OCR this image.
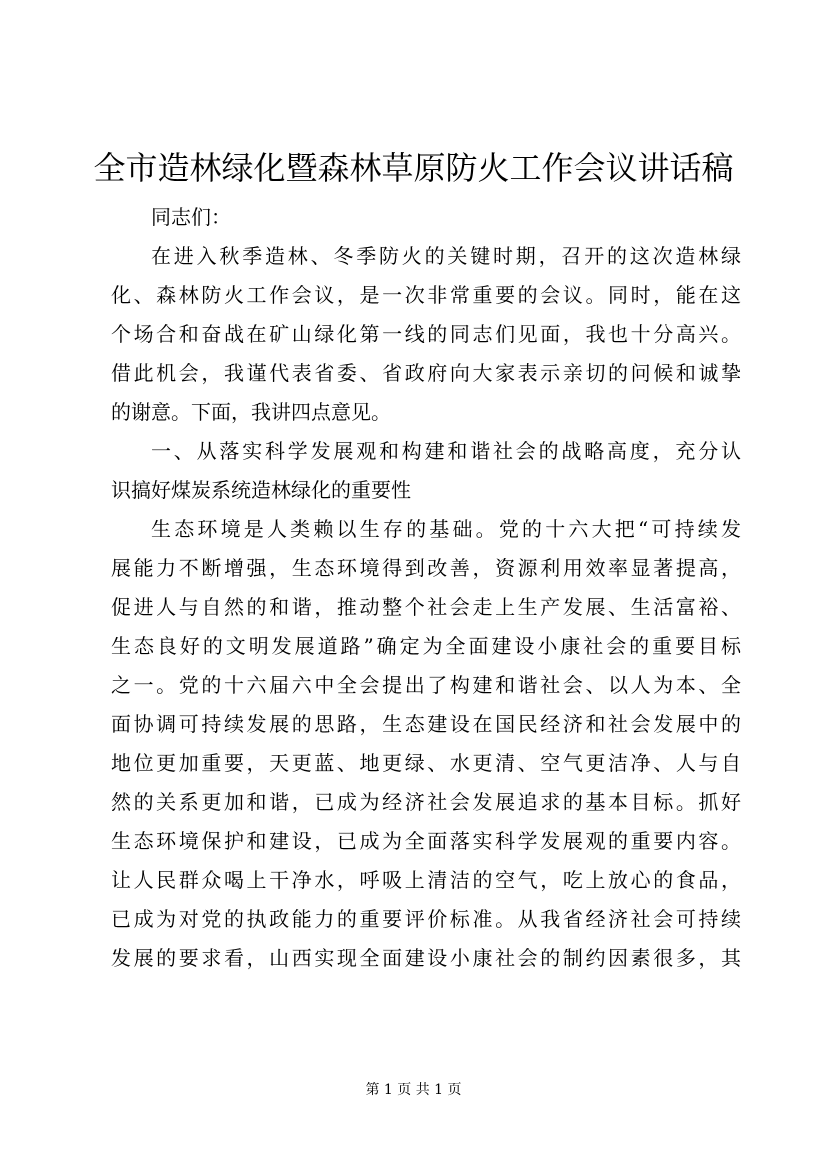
全市造林绿化暨森林草原防火工作会议讲话稿
同志们：
在进入秋季造林、冬季防火的关键时期，召开的这次造林绿
化、森林防火工作会议，是一次非常重要的会议。同时，能在这
个场合和奋战在矿山绿化第一线的同志们见面，我也十分高兴。
借此机会，我谨代表省委、省政府向大家表示亲切的问候和诚挚
的谢意。下面，我讲四点意见。
一、从落实科学发展观和构建和谐社会的战略高度，充分认
识搞好煤炭系统造林绿化的重要性
生态环境是人类赖以生存的基础。党的十六大把“可持续发
展能力不断增强，生态环境得到改善，资源利用效率显著提高，
促进人与自然的和谐，推动整个社会走上生产发展、生活富裕、
生态良好的文明发展道路”确定为全面建设小康社会的重要目标
之一。党的十六届六中全会提出了构建和谐社会、以人为本、全
面协调可持续发展的思路，生态建设在国民经济和社会发展中的
地位更加重要，天更蓝、地更绿、水更清、空气更洁净、人与自
然的关系更加和谐，已成为经济社会发展追求的基本目标。抓好
生态环境保护和建设，已成为全面落实科学发展观的重要内容。
让人民群众喝上干净水，呼吸上清洁的空气，吃上放心的食品，
已成为对党的执政能力的重要评价标准。从我省经济社会可持续
发展的要求看，山西实现全面建设小康社会的制约因素很多，其
第 1 页 共 1 页
